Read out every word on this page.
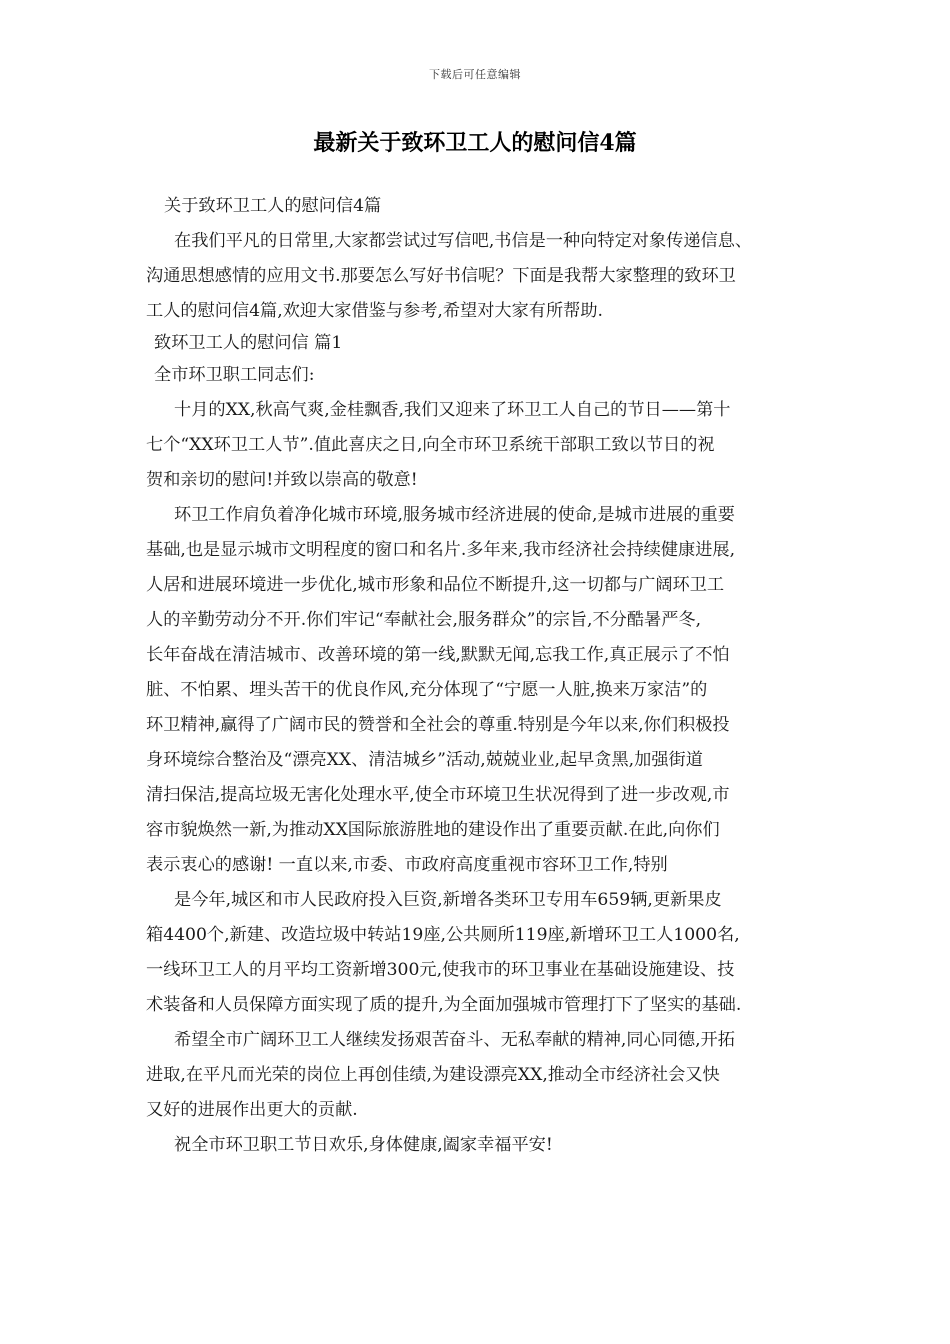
下载后可任意编辑
最新关于致环卫工人的慰问信4篇
关于致环卫工人的慰问信4篇
在我们平凡的日常里,大家都尝试过写信吧,书信是一种向特定对象传递信息、
沟通思想感情的应用文书.那要怎么写好书信呢？下面是我帮大家整理的致环卫
工人的慰问信4篇,欢迎大家借鉴与参考,希望对大家有所帮助.
致环卫工人的慰问信 篇1
全市环卫职工同志们:
十月的XX,秋高气爽,金桂飘香,我们又迎来了环卫工人自己的节日——第十
七个“XX环卫工人节”.值此喜庆之日,向全市环卫系统干部职工致以节日的祝
贺和亲切的慰问!并致以崇高的敬意!
环卫工作肩负着净化城市环境,服务城市经济进展的使命,是城市进展的重要
基础,也是显示城市文明程度的窗口和名片.多年来,我市经济社会持续健康进展,
人居和进展环境进一步优化,城市形象和品位不断提升,这一切都与广阔环卫工
人的辛勤劳动分不开.你们牢记“奉献社会,服务群众”的宗旨,不分酷暑严冬,
长年奋战在清洁城市、改善环境的第一线,默默无闻,忘我工作,真正展示了不怕
脏、不怕累、埋头苦干的优良作风,充分体现了“宁愿一人脏,换来万家洁”的
环卫精神,赢得了广阔市民的赞誉和全社会的尊重.特别是今年以来,你们积极投
身环境综合整治及“漂亮XX、清洁城乡”活动,兢兢业业,起早贪黑,加强街道
清扫保洁,提高垃圾无害化处理水平,使全市环境卫生状况得到了进一步改观,市
容市貌焕然一新,为推动XX国际旅游胜地的建设作出了重要贡献.在此,向你们
表示衷心的感谢! 一直以来,市委、市政府高度重视市容环卫工作,特别
是今年,城区和市人民政府投入巨资,新增各类环卫专用车659辆,更新果皮
箱4400个,新建、改造垃圾中转站19座,公共厕所119座,新增环卫工人1000名,
一线环卫工人的月平均工资新增300元,使我市的环卫事业在基础设施建设、技
术装备和人员保障方面实现了质的提升,为全面加强城市管理打下了坚实的基础.
希望全市广阔环卫工人继续发扬艰苦奋斗、无私奉献的精神,同心同德,开拓
进取,在平凡而光荣的岗位上再创佳绩,为建设漂亮XX,推动全市经济社会又快
又好的进展作出更大的贡献.
祝全市环卫职工节日欢乐,身体健康,阖家幸福平安!
